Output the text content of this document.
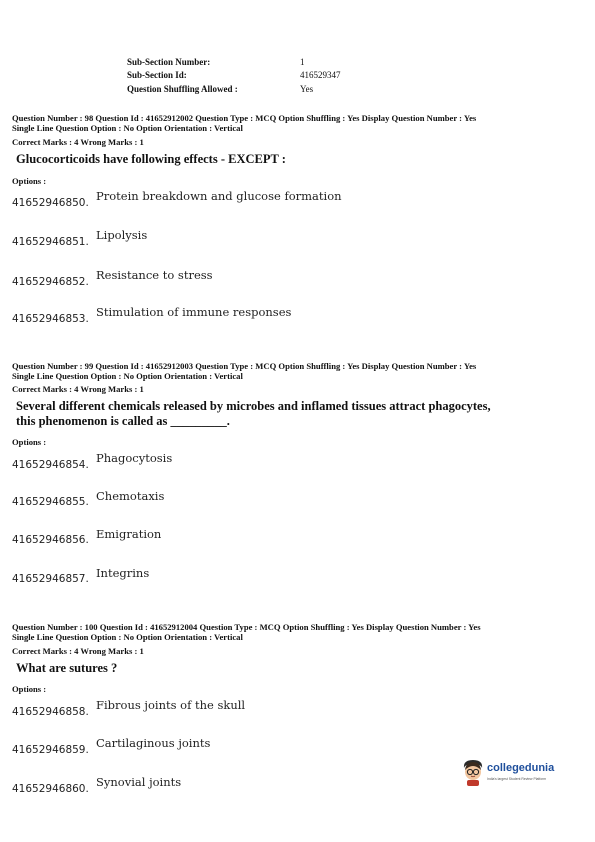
Sub-Section Number:	1
Sub-Section Id:	416529347
Question Shuffling Allowed :	Yes
Question Number : 98 Question Id : 41652912002 Question Type : MCQ Option Shuffling : Yes Display Question Number : Yes
Single Line Question Option : No Option Orientation : Vertical
Correct Marks : 4 Wrong Marks : 1
Glucocorticoids have following effects - EXCEPT :
Options :
41652946850. Protein breakdown and glucose formation
41652946851. Lipolysis
41652946852. Resistance to stress
41652946853. Stimulation of immune responses
Question Number : 99 Question Id : 41652912003 Question Type : MCQ Option Shuffling : Yes Display Question Number : Yes
Single Line Question Option : No Option Orientation : Vertical
Correct Marks : 4 Wrong Marks : 1
Several different chemicals released by microbes and inflamed tissues attract phagocytes,
this phenomenon is called as _________.
Options :
41652946854. Phagocytosis
41652946855. Chemotaxis
41652946856. Emigration
41652946857. Integrins
Question Number : 100 Question Id : 41652912004 Question Type : MCQ Option Shuffling : Yes Display Question Number : Yes
Single Line Question Option : No Option Orientation : Vertical
Correct Marks : 4 Wrong Marks : 1
What are sutures ?
Options :
41652946858. Fibrous joints of the skull
41652946859. Cartilaginous joints
41652946860. Synovial joints
collegedunia
India's largest Student Review Platform
